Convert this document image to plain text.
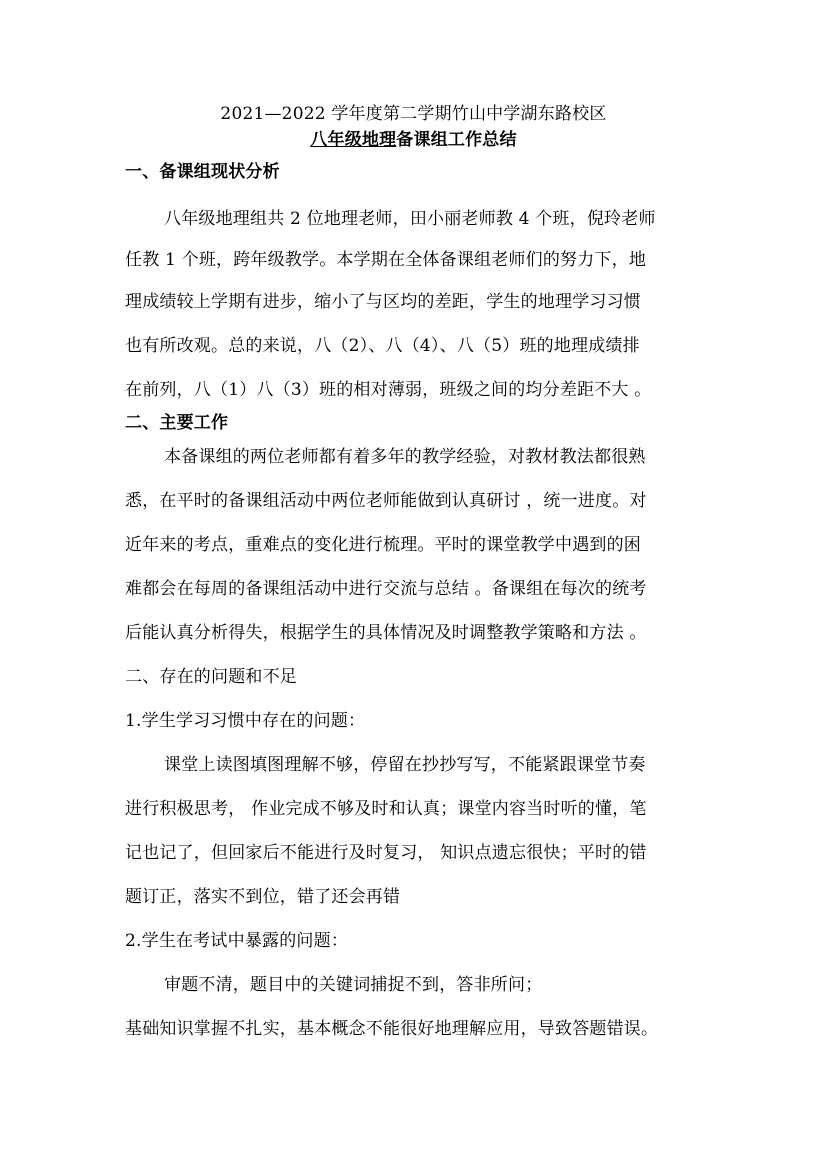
2021—2022 学年度第二学期竹山中学湖东路校区
八年级地理备课组工作总结
一、备课组现状分析
八年级地理组共 2 位地理老师，田小丽老师教 4 个班，倪玲老师
任教 1 个班，跨年级教学。本学期在全体备课组老师们的努力下，地
理成绩较上学期有进步，缩小了与区均的差距，学生的地理学习习惯
也有所改观。总的来说，八（2）、八（4）、八（5）班的地理成绩排
在前列，八（1）八（3）班的相对薄弱，班级之间的均分差距不大 。
二、主要工作
本备课组的两位老师都有着多年的教学经验，对教材教法都很熟
悉，在平时的备课组活动中两位老师能做到认真研讨 ，统一进度。对
近年来的考点，重难点的变化进行梳理。平时的课堂教学中遇到的困
难都会在每周的备课组活动中进行交流与总结 。备课组在每次的统考
后能认真分析得失，根据学生的具体情况及时调整教学策略和方法 。
二、存在的问题和不足
1.学生学习习惯中存在的问题：
课堂上读图填图理解不够，停留在抄抄写写，不能紧跟课堂节奏
进行积极思考， 作业完成不够及时和认真；课堂内容当时听的懂，笔
记也记了，但回家后不能进行及时复习， 知识点遗忘很快；平时的错
题订正，落实不到位，错了还会再错
2.学生在考试中暴露的问题：
审题不清，题目中的关键词捕捉不到，答非所问；
基础知识掌握不扎实，基本概念不能很好地理解应用，导致答题错误。
